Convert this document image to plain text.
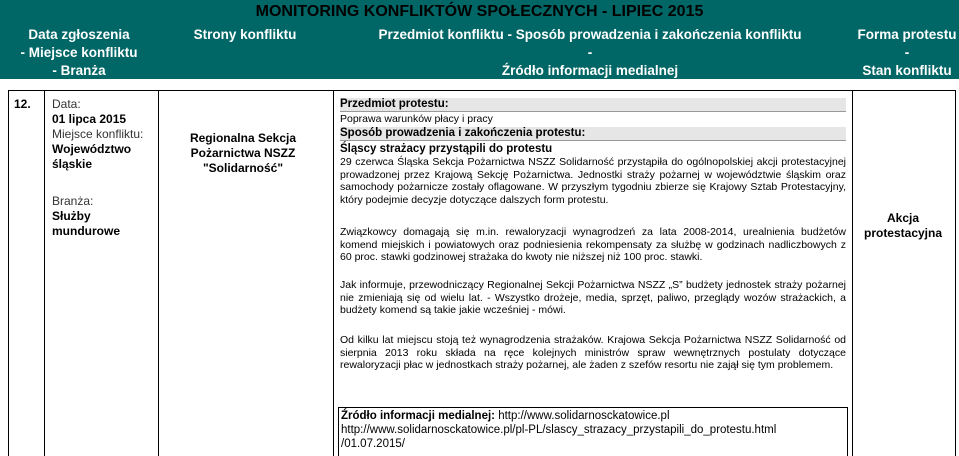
MONITORING KONFLIKTÓW SPOŁECZNYCH - LIPIEC 2015
Data zgłoszenia
- Miejsce konfliktu
- Branża
Strony konfliktu	Przedmiot konfliktu - Sposób prowadzenia i zakończenia konfliktu
-
Źródło informacji medialnej
Forma protestu
-
Stan konfliktu
12. Data:
01 lipca 2015
Miejsce konfliktu:
Województwo
śląskie
Branża:
Służby mundurowe
Regionalna Sekcja Pożarnictwa NSZZ "Solidarność"
Przedmiot protestu:
Poprawa warunków płacy i pracy
Sposób prowadzenia i zakończenia protestu:
Śląscy strażacy przystąpili do protestu
29 czerwca Śląska Sekcja Pożarnictwa NSZZ Solidarność przystąpiła do ogólnopolskiej akcji protestacyjnej prowadzonej przez Krajową Sekcję Pożarnictwa. Jednostki straży pożarnej w województwie śląskim oraz samochody pożarnicze zostały oflagowane. W przyszłym tygodniu zbierze się Krajowy Sztab Protestacyjny, który podejmie decyzje dotyczące dalszych form protestu.
Związkowcy domagają się m.in. rewaloryzacji wynagrodzeń za lata 2008-2014, urealnienia budżetów komend miejskich i powiatowych oraz podniesienia rekompensaty za służbę w godzinach nadliczbowych z 60 proc. stawki godzinowej strażaka do kwoty nie niższej niż 100 proc. stawki.
Jak informuje, przewodniczący Regionalnej Sekcji Pożarnictwa NSZZ „S” budżety jednostek straży pożarnej nie zmieniają się od wielu lat. - Wszystko drożeje, media, sprzęt, paliwo, przeglądy wozów strażackich, a budżety komend są takie jakie wcześniej - mówi.
Od kilku lat miejscu stoją też wynagrodzenia strażaków. Krajowa Sekcja Pożarnictwa NSZZ Solidarność od sierpnia 2013 roku składa na ręce kolejnych ministrów spraw wewnętrznych postulaty dotyczące rewaloryzacji płac w jednostkach straży pożarnej, ale żaden z szefów resortu nie zajął się tym problemem.
Akcja
protestacyjna
Źródło informacji medialnej: http://www.solidarnosckatowice.pl
http://www.solidarnosckatowice.pl/pl-PL/slascy_strazacy_przystapili_do_protestu.html
/01.07.2015/
